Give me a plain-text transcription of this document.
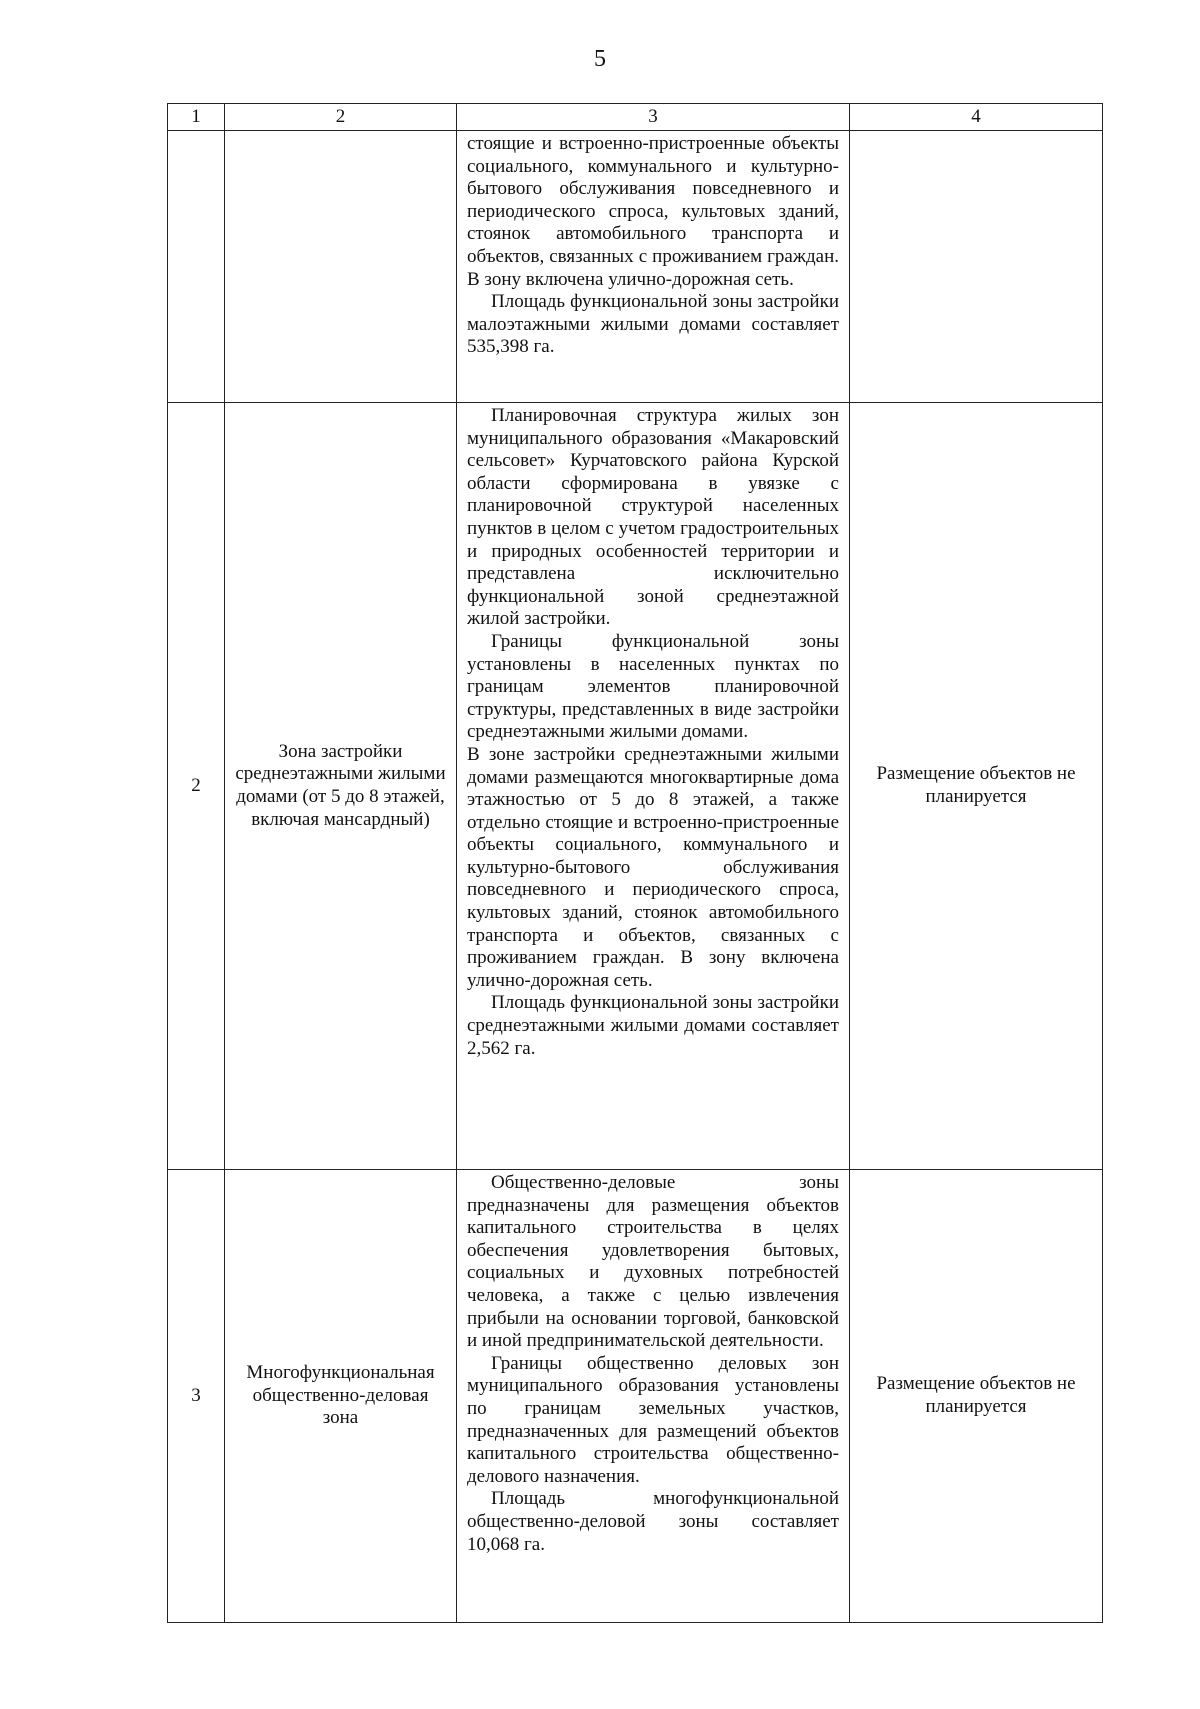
5
1	2	3	4

		стоящие и встроенно-пристроенные объекты социального, коммунального и культурно-бытового обслуживания повседневного и периодического спроса, культовых зданий, стоянок автомобильного транспорта и объектов, связанных с проживанием граждан. В зону включена улично-дорожная сеть.

Площадь функциональной зоны застройки малоэтажными жилыми домами составляет 535,398 га.	

2	Зона застройки среднеэтажными жилыми домами (от 5 до 8 этажей, включая мансардный)	Планировочная структура жилых зон муниципального образования «Макаровский сельсовет» Курчатовского района Курской области сформирована в увязке с планировочной структурой населенных пунктов в целом с учетом градостроительных и природных особенностей территории и представлена исключительно функциональной зоной среднеэтажной жилой застройки.

Границы функциональной зоны установлены в населенных пунктах по границам элементов планировочной структуры, представленных в виде застройки среднеэтажными жилыми домами.

В зоне застройки среднеэтажными жилыми домами размещаются многоквартирные дома этажностью от 5 до 8 этажей, а также отдельно стоящие и встроенно-пристроенные объекты социального, коммунального и культурно-бытового обслуживания повседневного и периодического спроса, культовых зданий, стоянок автомобильного транспорта и объектов, связанных с проживанием граждан. В зону включена улично-дорожная сеть.

Площадь функциональной зоны застройки среднеэтажными жилыми домами составляет 2,562 га.	Размещение объектов не планируется
3	Многофункциональная общественно-деловая зона	Общественно-деловые зоны предназначены для размещения объектов капитального строительства в целях обеспечения удовлетворения бытовых, социальных и духовных потребностей человека, а также с целью извлечения прибыли на основании торговой, банковской и иной предпринимательской деятельности.

Границы общественно деловых зон муниципального образования установлены по границам земельных участков, предназначенных для размещений объектов капитального строительства общественно-делового назначения.

Площадь многофункциональной общественно-деловой зоны составляет 10,068 га.	Размещение объектов не планируется
